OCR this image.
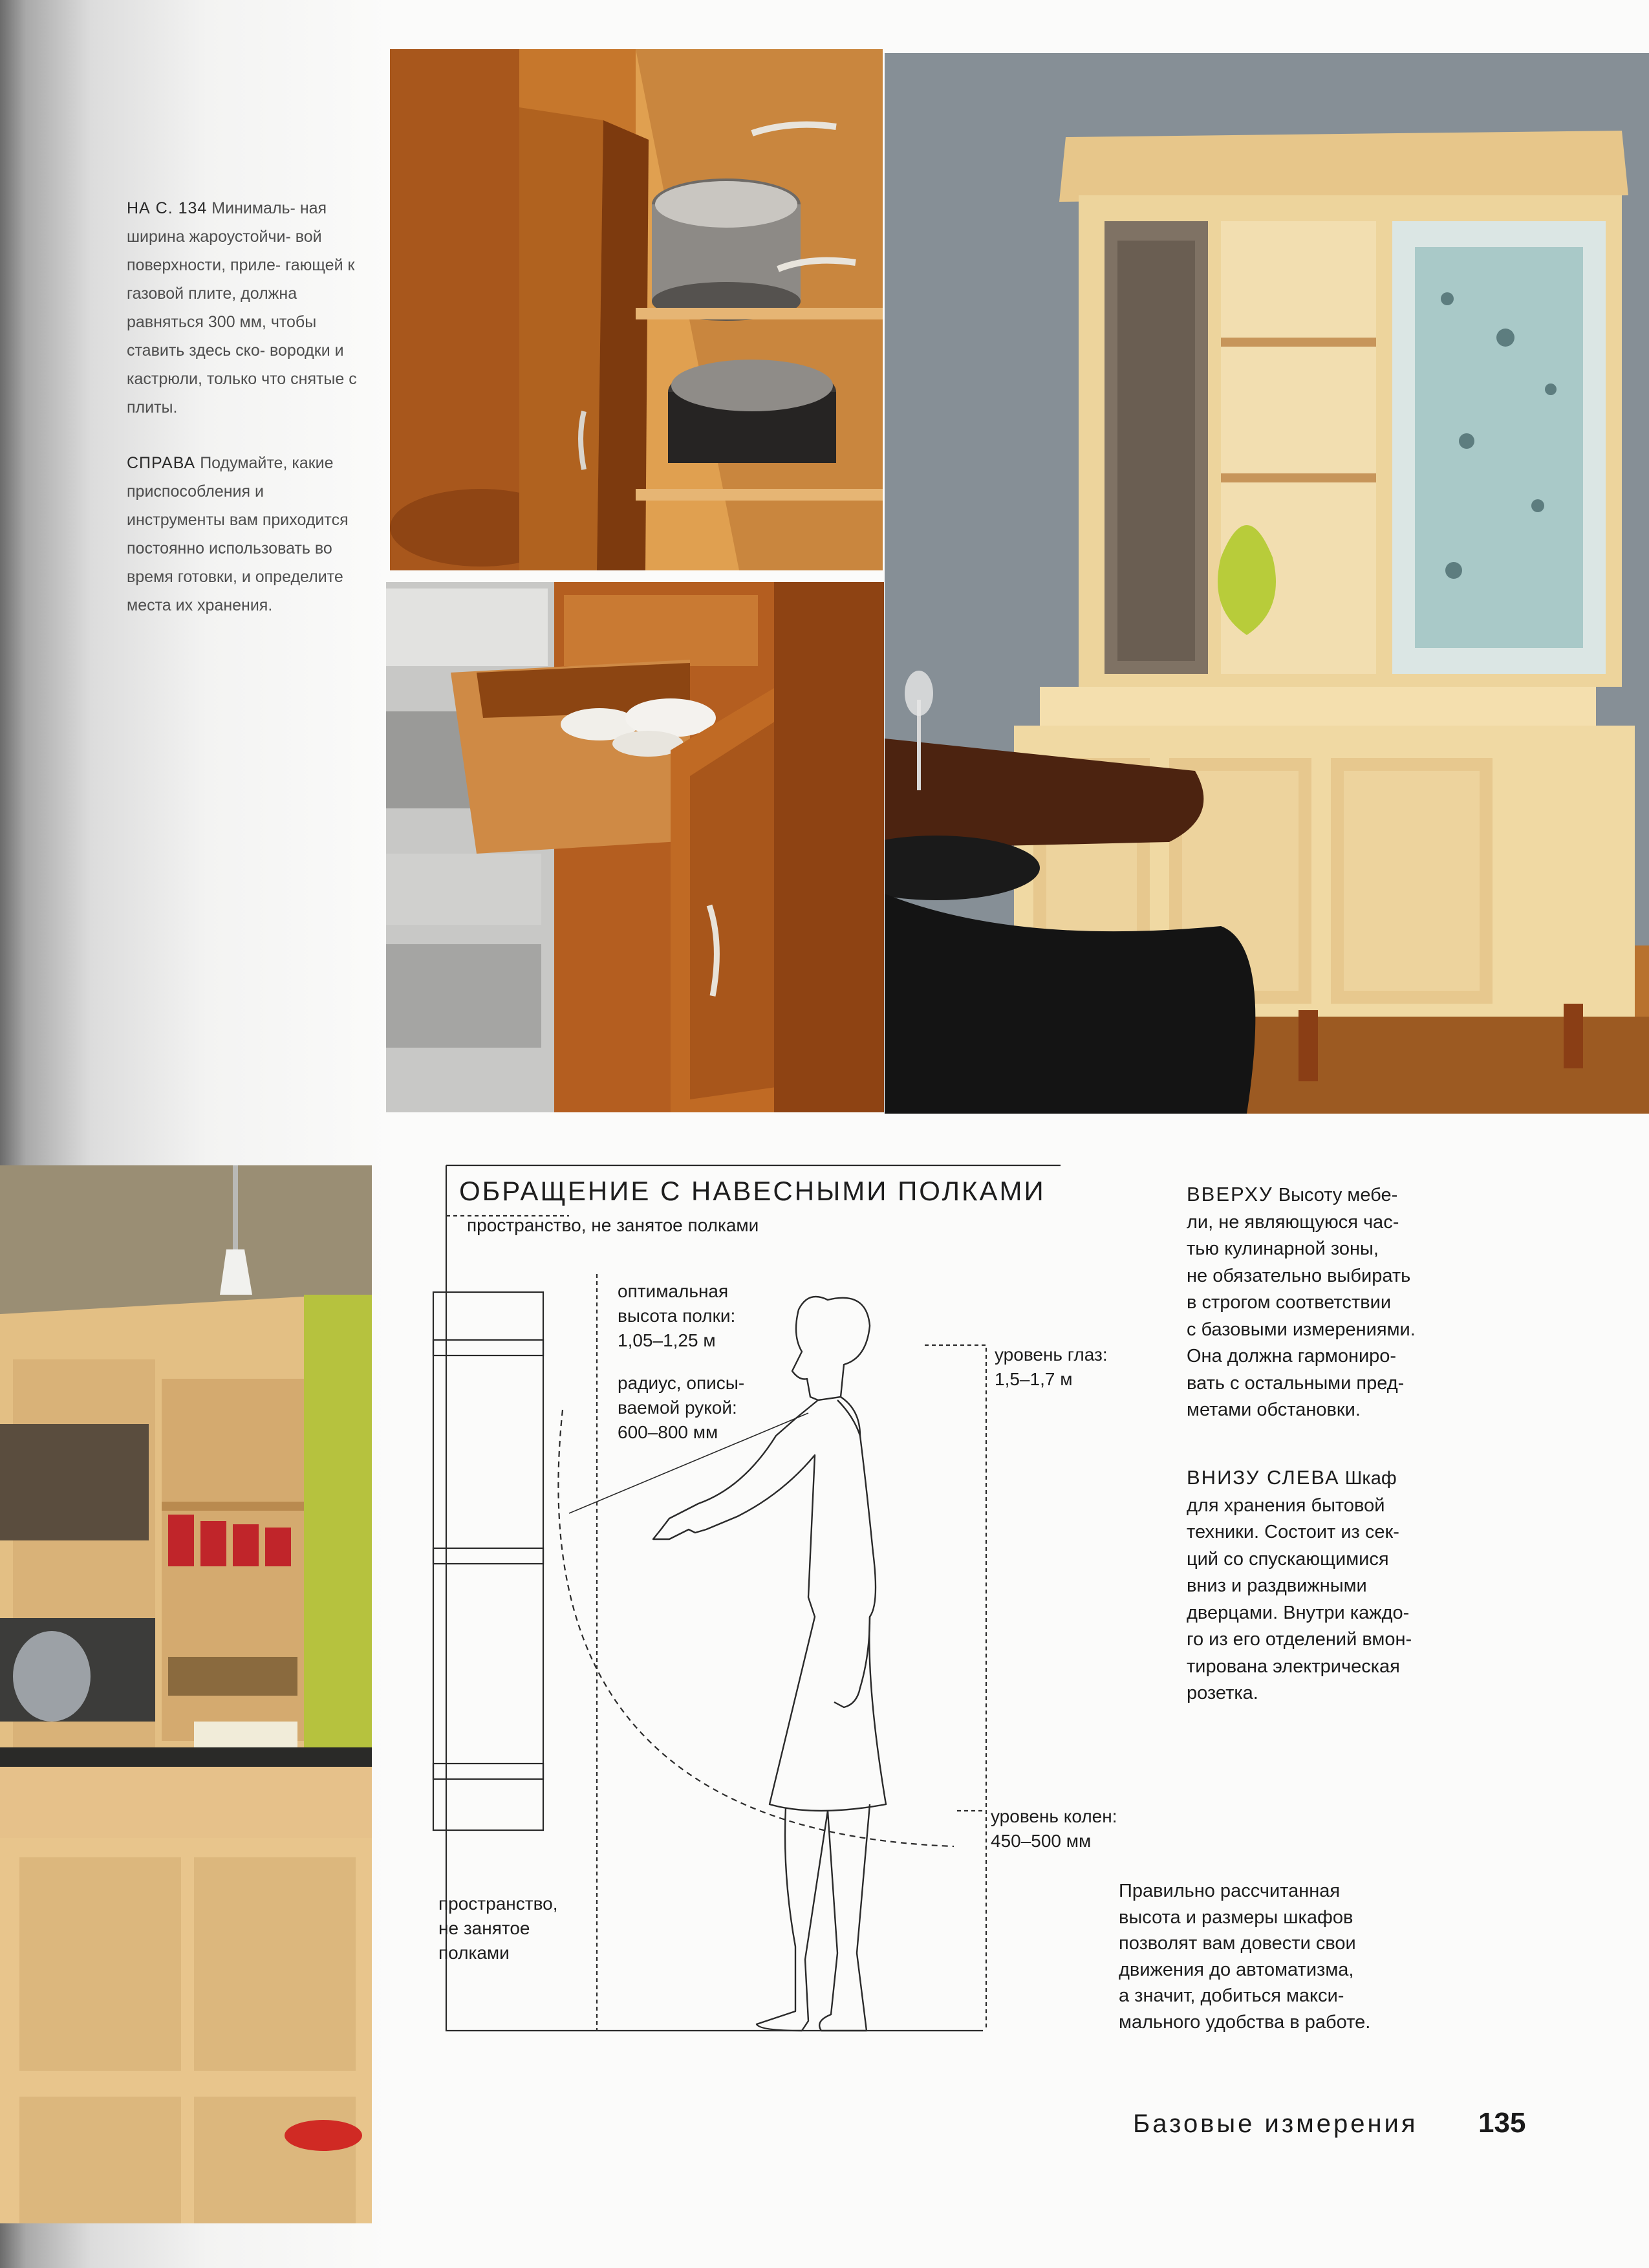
НА С. 134 Минималь- ная ширина жароустойчи- вой поверхности, приле- гающей к газовой плите, должна равняться 300 мм, чтобы ставить здесь ско- вородки и кастрюли, только что снятые с плиты.

СПРАВА Подумайте, какие приспособления и инструменты вам приходится постоянно использовать во время готовки, и определите места их хранения.

ОБРАЩЕНИЕ С НАВЕСНЫМИ ПОЛКАМИ
пространство, не занятое полками
оптимальная
высота полки:
1,05–1,25 м
радиус, описы-
ваемой рукой:
600–800 мм
уровень глаз:
1,5–1,7 м
уровень колен:
450–500 мм
пространство,
не занятое
полками
ВВЕРХУ Высоту мебе-
ли, не являющуюся час-
тью кулинарной зоны,
не обязательно выбирать
в строгом соответствии
с базовыми измерениями.
Она должна гармониро-
вать с остальными пред-
метами обстановки.
ВНИЗУ СЛЕВА Шкаф
для хранения бытовой
техники. Состоит из сек-
ций со спускающимися
вниз и раздвижными
дверцами. Внутри каждо-
го из его отделений вмон-
тирована электрическая
розетка.
Правильно рассчитанная
высота и размеры шкафов
позволят вам довести свои
движения до автоматизма,
а значит, добиться макси-
мального удобства в работе.
Базовые измерения 135
